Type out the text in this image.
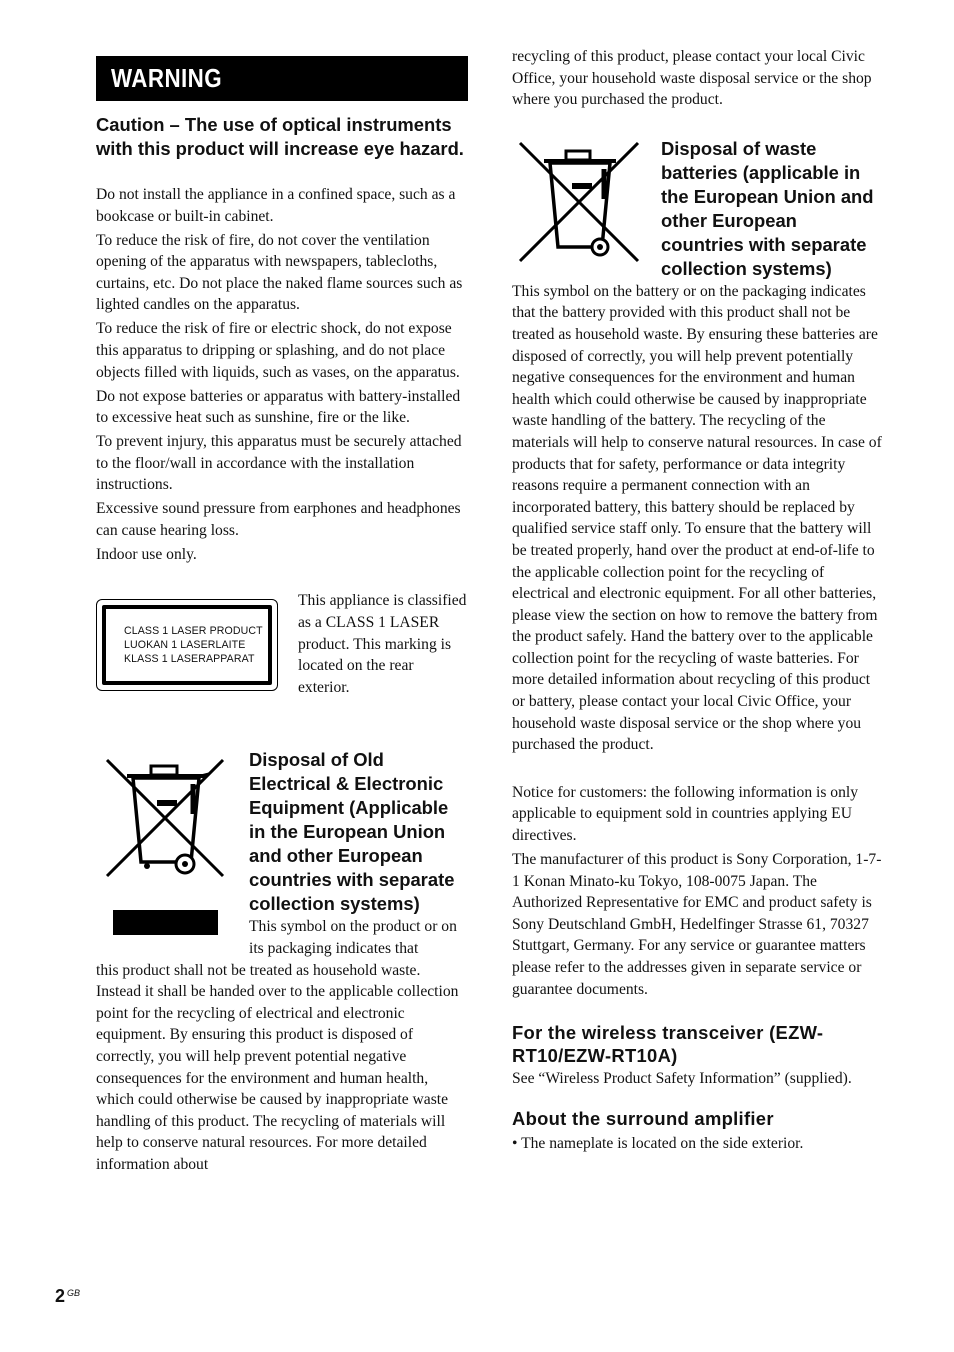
WARNING
Caution – The use of optical instruments with this product will increase eye hazard.
Do not install the appliance in a confined space, such as a bookcase or built-in cabinet.
To reduce the risk of fire, do not cover the ventilation opening of the apparatus with newspapers, tablecloths, curtains, etc. Do not place the naked flame sources such as lighted candles on the apparatus.
To reduce the risk of fire or electric shock, do not expose this apparatus to dripping or splashing, and do not place objects filled with liquids, such as vases, on the apparatus.
Do not expose batteries or apparatus with battery-installed to excessive heat such as sunshine, fire or the like.
To prevent injury, this apparatus must be securely attached to the floor/wall in accordance with the installation instructions.
Excessive sound pressure from earphones and headphones can cause hearing loss.
Indoor use only.
CLASS 1 LASER PRODUCT
LUOKAN 1 LASERLAITE
KLASS 1 LASERAPPARAT
This appliance is classified as a CLASS 1 LASER product. This marking is located on the rear exterior.
Disposal of Old Electrical & Electronic Equipment (Applicable in the European Union and other European countries with separate collection systems)
This symbol on the product or on its packaging indicates that
this product shall not be treated as household waste. Instead it shall be handed over to the applicable collection point for the recycling of electrical and electronic equipment. By ensuring this product is disposed of correctly, you will help prevent potential negative consequences for the environment and human health, which could otherwise be caused by inappropriate waste handling of this product. The recycling of materials will help to conserve natural resources. For more detailed information about
recycling of this product, please contact your local Civic Office, your household waste disposal service or the shop where you purchased the product.
Disposal of waste batteries (applicable in the European Union and other European countries with separate collection systems)
This symbol on the battery or on the packaging indicates that the battery provided with this product shall not be treated as household waste. By ensuring these batteries are disposed of correctly, you will help prevent potentially negative consequences for the environment and human health which could otherwise be caused by inappropriate waste handling of the battery. The recycling of the materials will help to conserve natural resources. In case of products that for safety, performance or data integrity reasons require a permanent connection with an incorporated battery, this battery should be replaced by qualified service staff only. To ensure that the battery will be treated properly, hand over the product at end-of-life to the applicable collection point for the recycling of electrical and electronic equipment. For all other batteries, please view the section on how to remove the battery from the product safely. Hand the battery over to the applicable collection point for the recycling of waste batteries. For more detailed information about recycling of this product or battery, please contact your local Civic Office, your household waste disposal service or the shop where you purchased the product.
Notice for customers: the following information is only applicable to equipment sold in countries applying EU directives.
The manufacturer of this product is Sony Corporation, 1-7-1 Konan Minato-ku Tokyo, 108-0075 Japan. The Authorized Representative for EMC and product safety is Sony Deutschland GmbH, Hedelfinger Strasse 61, 70327 Stuttgart, Germany. For any service or guarantee matters please refer to the addresses given in separate service or guarantee documents.
For the wireless transceiver (EZW-RT10/EZW-RT10A)
See “Wireless Product Safety Information” (supplied).
About the surround amplifier
• The nameplate is located on the side exterior.
2 $^{GB}$
